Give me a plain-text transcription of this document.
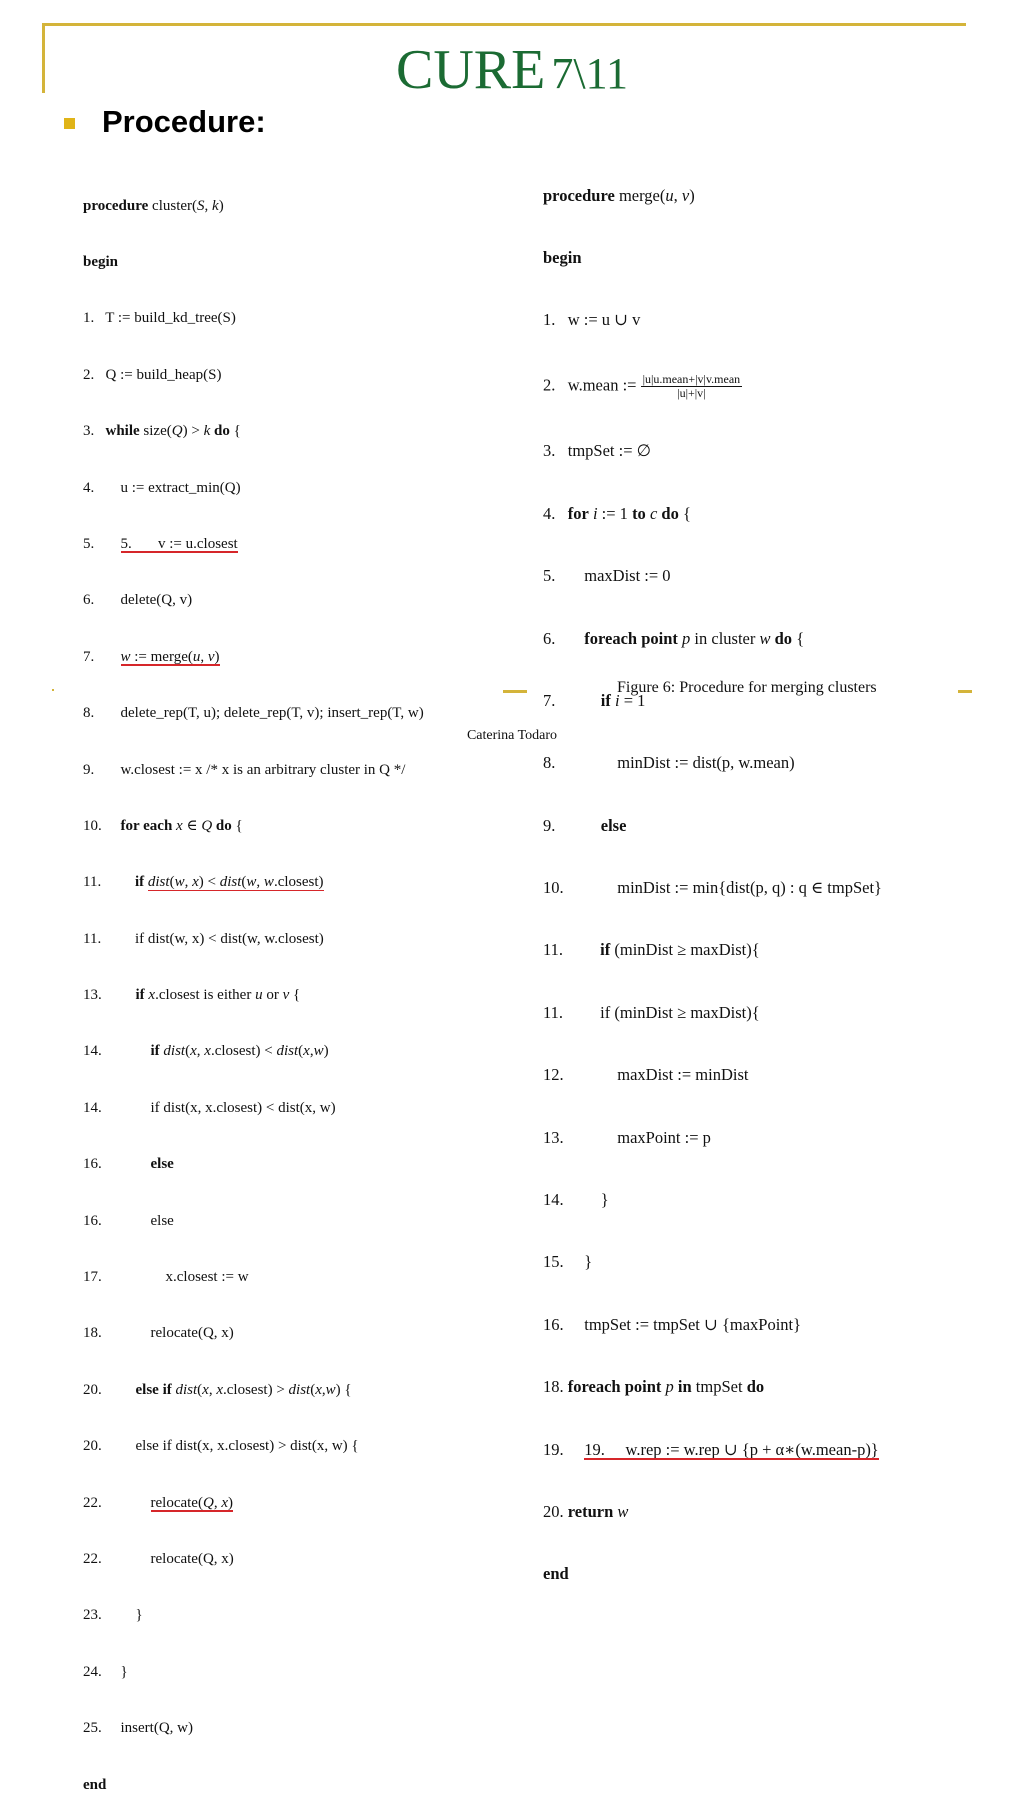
CURE 7\11
Procedure:

procedure cluster(S, k)

begin

1.   T := build_kd_tree(S)

2.   Q := build_heap(S)

3.   while size(Q) > k do {

4.       u := extract_min(Q)

5.       5.       v := u.closest

6.       delete(Q, v)

7.       w := merge(u, v)

8.       delete_rep(T, u); delete_rep(T, v); insert_rep(T, w)

9.       w.closest := x /* x is an arbitrary cluster in Q */

10.     for each x ∈ Q do {

11.         if dist(w, x) < dist(w, w.closest)

11.         if dist(w, x) < dist(w, w.closest)

13.         if x.closest is either u or v {

14.             if dist(x, x.closest) < dist(x,w)

14.             if dist(x, x.closest) < dist(x, w)

16.             else

16.             else

17.                 x.closest := w

18.             relocate(Q, x)

20.         else if dist(x, x.closest) > dist(x,w) {

20.         else if dist(x, x.closest) > dist(x, w) {

22.             relocate(Q, x)

22.             relocate(Q, x)

23.         }

24.     }

25.     insert(Q, w)

end

procedure merge(u, v)

begin

1.   w := u ∪ v

2.   w.mean := $\frac{\text{|u|u.mean+|v|v.mean}}{|u|+|v|}$

3.   tmpSet := ∅

4.   for i := 1 to c do {

5.       maxDist := 0

6.       foreach point p in cluster w do {

7.           if i = 1

8.               minDist := dist(p, w.mean)

9.           else

10.             minDist := min{dist(p, q) : q ∈ tmpSet}

11.         if (minDist ≥ maxDist){

11.         if (minDist ≥ maxDist){

12.             maxDist := minDist

13.             maxPoint := p

14.         }

15.     }

16.     tmpSet := tmpSet ∪ {maxPoint}

18. foreach point p in tmpSet do

19.     19.     w.rep := w.rep ∪ {p + α∗(w.mean-p)}

20. return w

end

Figure 6: Procedure for merging clusters
Caterina Todaro
